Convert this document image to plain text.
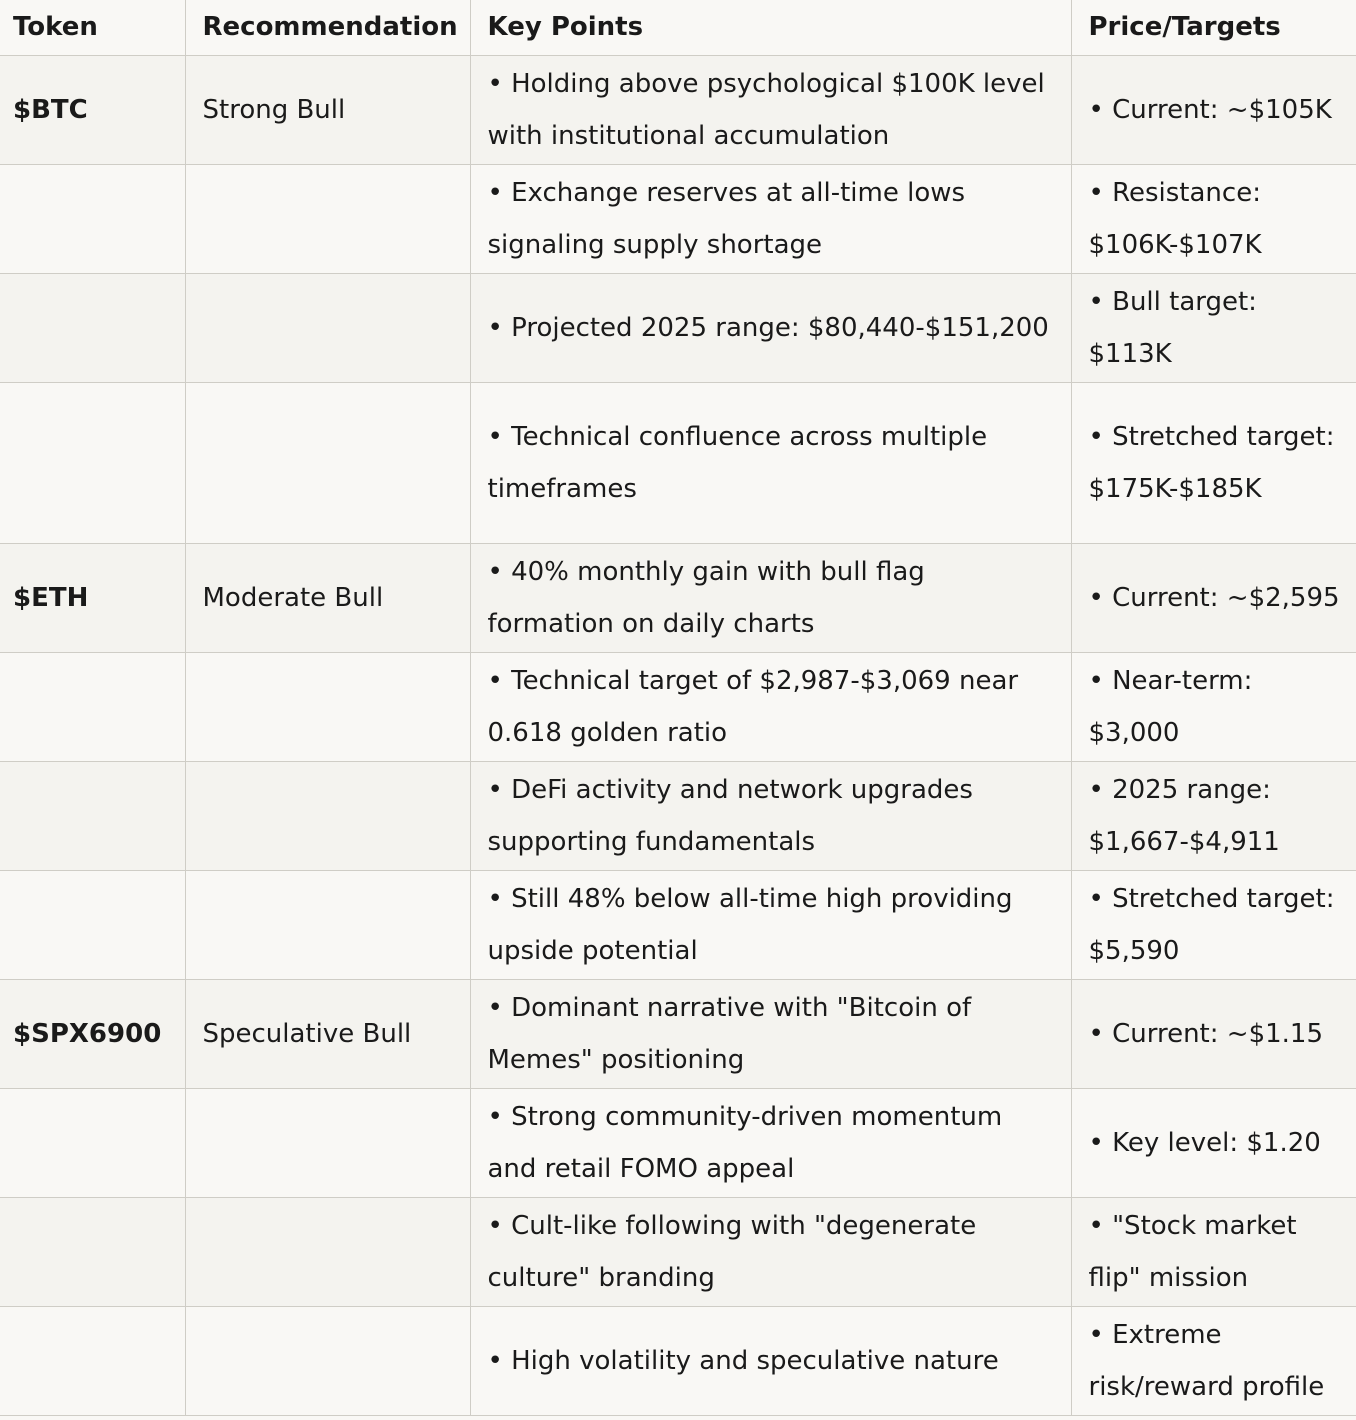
Token	Recommendation	Key Points	Price/Targets
$BTC	Strong Bull	• Holding above psychological $100K level with institutional accumulation	• Current: ~$105K
		• Exchange reserves at all-time lows signaling supply shortage	• Resistance: $106K-$107K
		• Projected 2025 range: $80,440-$151,200	• Bull target: $113K
		• Technical confluence across multiple timeframes	• Stretched target: $175K-$185K
$ETH	Moderate Bull	• 40% monthly gain with bull flag formation on daily charts	• Current: ~$2,595
		• Technical target of $2,987-$3,069 near 0.618 golden ratio	• Near-term: $3,000
		• DeFi activity and network upgrades supporting fundamentals	• 2025 range: $1,667-$4,911
		• Still 48% below all-time high providing upside potential	• Stretched target: $5,590
$SPX6900	Speculative Bull	• Dominant narrative with "Bitcoin of Memes" positioning	• Current: ~$1.15
		• Strong community-driven momentum and retail FOMO appeal	• Key level: $1.20
		• Cult-like following with "degenerate culture" branding	• "Stock market flip" mission
		• High volatility and speculative nature	• Extreme risk/reward profile
